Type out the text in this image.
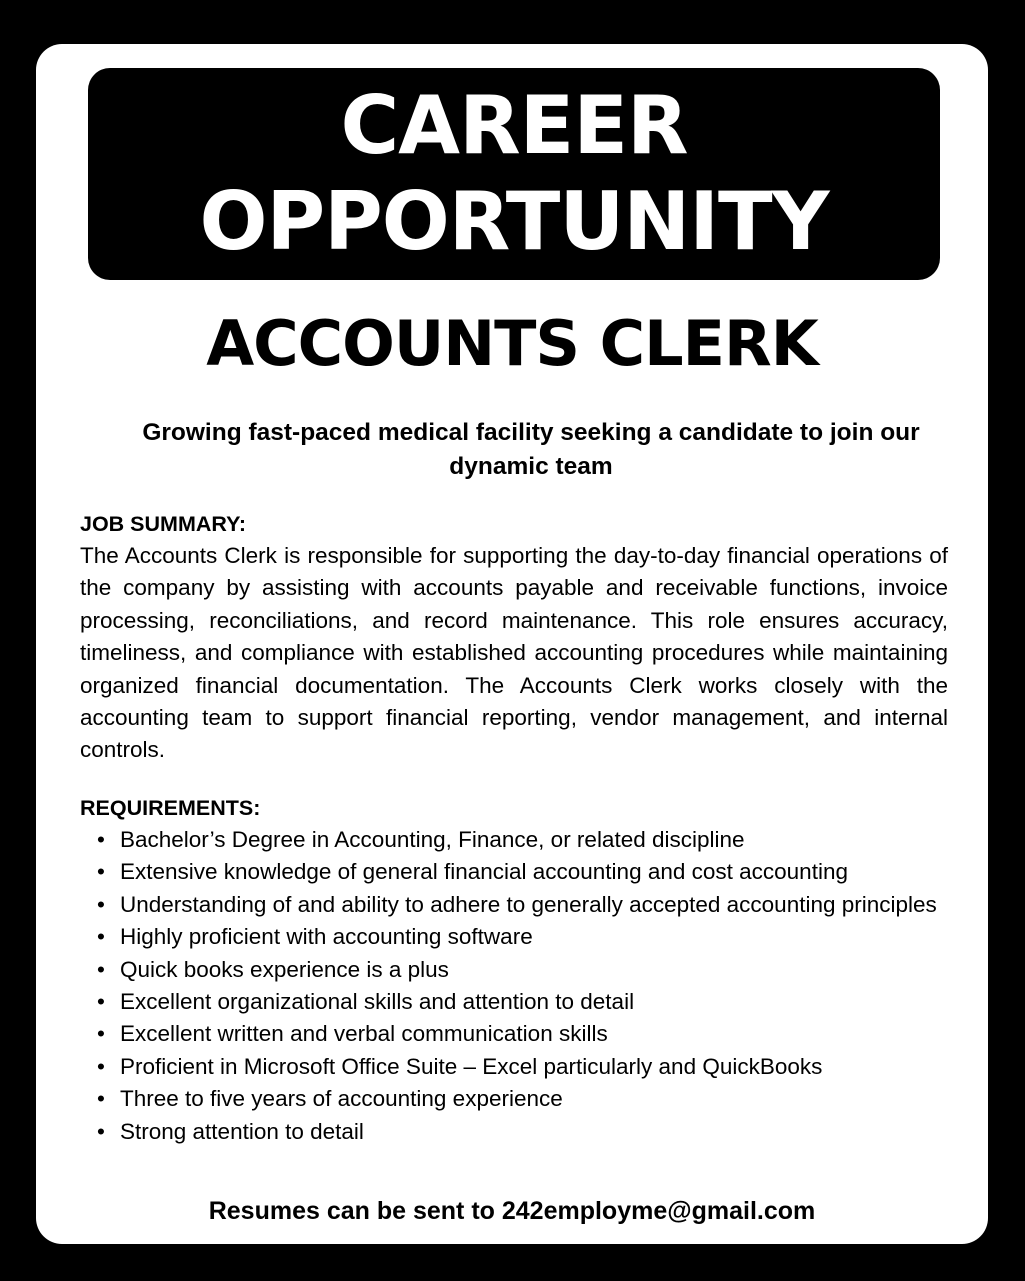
CAREER
OPPORTUNITY
ACCOUNTS CLERK
Growing fast-paced medical facility seeking a candidate to join our dynamic team
JOB SUMMARY:
The Accounts Clerk is responsible for supporting the day-to-day financial operations of the company by assisting with accounts payable and receivable functions, invoice processing, reconciliations, and record maintenance. This role ensures accuracy, timeliness, and compliance with established accounting procedures while maintaining organized financial documentation. The Accounts Clerk works closely with the accounting team to support financial reporting, vendor management, and internal controls.
REQUIREMENTS:
• Bachelor’s Degree in Accounting, Finance, or related discipline
• Extensive knowledge of general financial accounting and cost accounting
• Understanding of and ability to adhere to generally accepted accounting principles
• Highly proficient with accounting software
• Quick books experience is a plus
• Excellent organizational skills and attention to detail
• Excellent written and verbal communication skills
• Proficient in Microsoft Office Suite – Excel particularly and QuickBooks
• Three to five years of accounting experience
• Strong attention to detail
Resumes can be sent to 242employme@gmail.com
